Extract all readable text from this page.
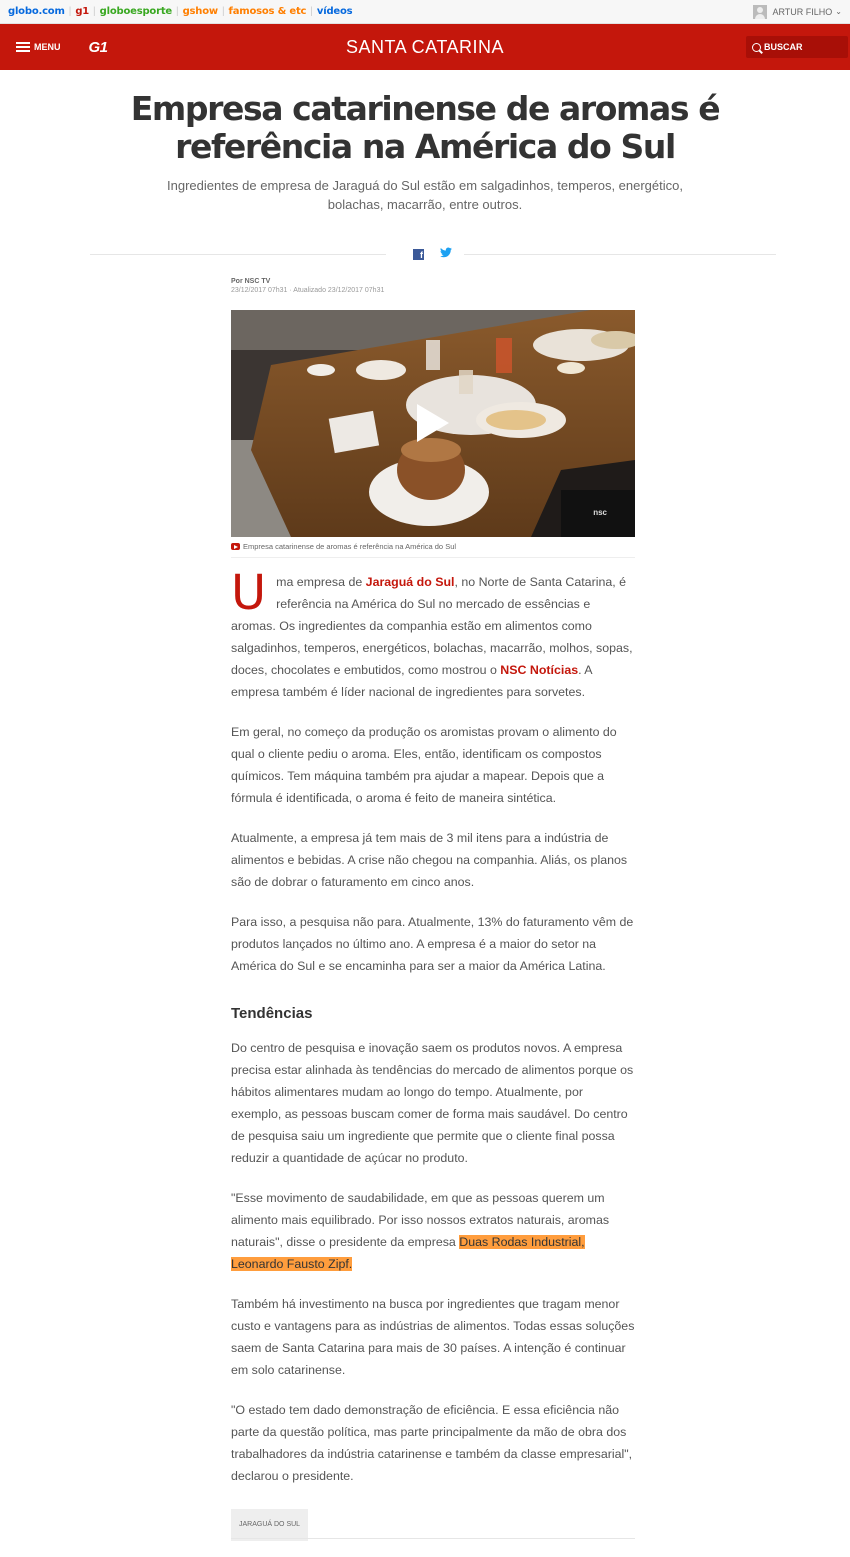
globo.com | g1 | globoesporte | gshow | famosos & etc | vídeos	ARTUR FILHO ⌄
MENU G1	SANTA CATARINA	BUSCAR
Empresa catarinense de aromas é referência na América do Sul

Ingredientes de empresa de Jaraguá do Sul estão em salgadinhos, temperos, energético, bolachas, macarrão, entre outros.

f
Por NSC TV
23/12/2017 07h31 · Atualizado 23/12/2017 07h31
nsc
Empresa catarinense de aromas é referência na América do Sul

Uma empresa de Jaraguá do Sul, no Norte de Santa Catarina, é referência na América do Sul no mercado de essências e aromas. Os ingredientes da companhia estão em alimentos como salgadinhos, temperos, energéticos, bolachas, macarrão, molhos, sopas, doces, chocolates e embutidos, como mostrou o NSC Notícias. A empresa também é líder nacional de ingredientes para sorvetes.

Em geral, no começo da produção os aromistas provam o alimento do qual o cliente pediu o aroma. Eles, então, identificam os compostos químicos. Tem máquina também pra ajudar a mapear. Depois que a fórmula é identificada, o aroma é feito de maneira sintética.

Atualmente, a empresa já tem mais de 3 mil itens para a indústria de alimentos e bebidas. A crise não chegou na companhia. Aliás, os planos são de dobrar o faturamento em cinco anos.

Para isso, a pesquisa não para. Atualmente, 13% do faturamento vêm de produtos lançados no último ano. A empresa é a maior do setor na América do Sul e se encaminha para ser a maior da América Latina.

Tendências

Do centro de pesquisa e inovação saem os produtos novos. A empresa precisa estar alinhada às tendências do mercado de alimentos porque os hábitos alimentares mudam ao longo do tempo. Atualmente, por exemplo, as pessoas buscam comer de forma mais saudável. Do centro de pesquisa saiu um ingrediente que permite que o cliente final possa reduzir a quantidade de açúcar no produto.

"Esse movimento de saudabilidade, em que as pessoas querem um alimento mais equilibrado. Por isso nossos extratos naturais, aromas naturais", disse o presidente da empresa Duas Rodas Industrial, Leonardo Fausto Zipf.

Também há investimento na busca por ingredientes que tragam menor custo e vantagens para as indústrias de alimentos. Todas essas soluções saem de Santa Catarina para mais de 30 países. A intenção é continuar em solo catarinense.

"O estado tem dado demonstração de eficiência. E essa eficiência não parte da questão política, mas parte principalmente da mão de obra dos trabalhadores da indústria catarinense e também da classe empresarial", declarou o presidente.

JARAGUÁ DO SUL
